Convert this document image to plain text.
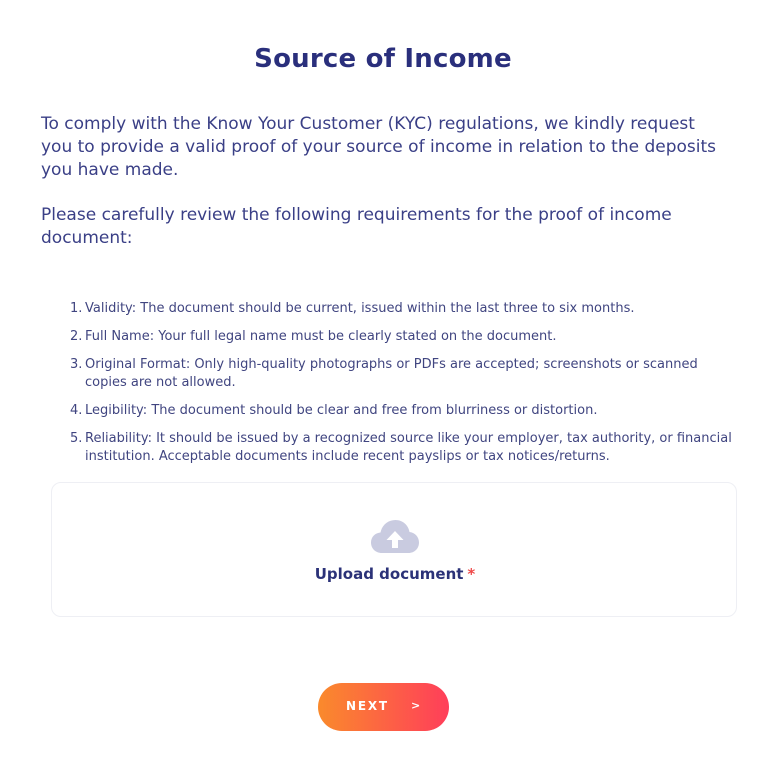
Source of Income

To comply with the Know Your Customer (KYC) regulations, we kindly request you to provide a valid proof of your source of income in relation to the deposits you have made.

Please carefully review the following requirements for the proof of income document:

1. Validity: The document should be current, issued within the last three to six months.
2. Full Name: Your full legal name must be clearly stated on the document.
3. Original Format: Only high-quality photographs or PDFs are accepted; screenshots or scanned copies are not allowed.
4. Legibility: The document should be clear and free from blurriness or distortion.
5. Reliability: It should be issued by a recognized source like your employer, tax authority, or financial institution. Acceptable documents include recent payslips or tax notices/returns.
Upload document *
NEXT >
